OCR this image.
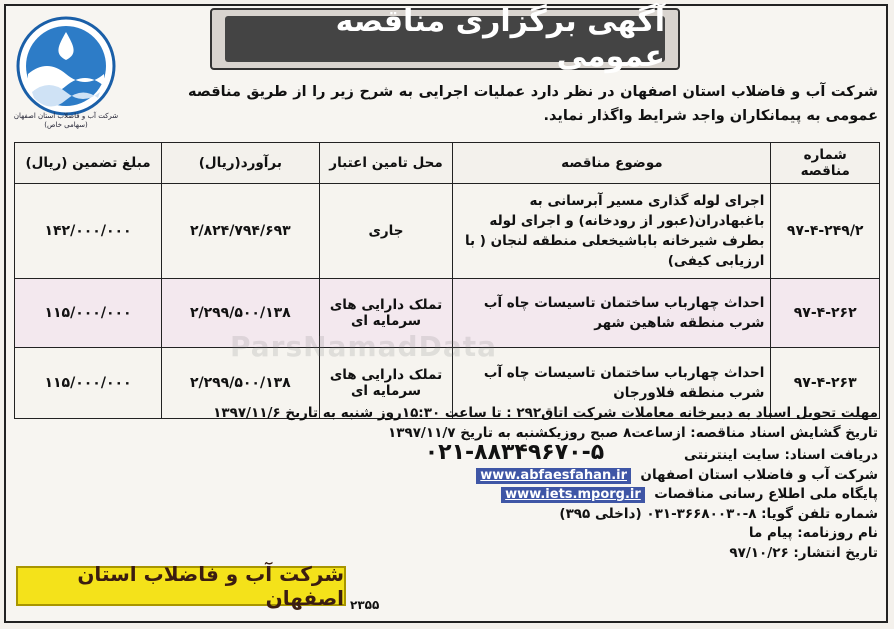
شرکت آب و فاضلاب استان اصفهان (سهامی خاص)
آگهی برگزاری مناقصه عمومی
شرکت آب و فاضلاب استان اصفهان در نظر دارد عملیات اجرایی به شرح زیر را از طریق مناقصه عمومی به پیمانکاران واجد شرایط واگذار نماید.
شماره مناقصه	موضوع مناقصه	محل تامین اعتبار	برآورد(ریال)	مبلغ تضمین (ریال)
۹۷-۴-۲۴۹/۲	اجرای لوله گذاری مسیر آبرسانی به باغبهادران(عبور از رودخانه) و اجرای لوله بطرف شیرخانه باباشیخعلی منطقه لنجان ( با ارزیابی کیفی)	جاری	۲/۸۲۴/۷۹۴/۶۹۳	۱۴۲/۰۰۰/۰۰۰
۹۷-۴-۲۶۲	احداث چهارباب ساختمان تاسیسات چاه آب شرب منطقه شاهین شهر	تملک دارایی های سرمایه ای	۲/۲۹۹/۵۰۰/۱۳۸	۱۱۵/۰۰۰/۰۰۰
۹۷-۴-۲۶۳	احداث چهارباب ساختمان تاسیسات چاه آب شرب منطقه فلاورجان	تملک دارایی های سرمایه ای	۲/۲۹۹/۵۰۰/۱۳۸	۱۱۵/۰۰۰/۰۰۰
ParsNamadData
مهلت تحویل اسناد به دبیرخانه معاملات شرکت اتاق۲۹۲ : تا ساعت ۱۵:۳۰روز شنبه به تاریخ ۱۳۹۷/۱۱/۶
تاریخ گشایش اسناد مناقصه: ازساعت۸ صبح روزیکشنبه به تاریخ ۱۳۹۷/۱۱/۷
دریافت اسناد: سایت اینترنتی                 ۰۲۱-۸۸۳۴۹۶۷۰-۵
شرکت آب و فاضلاب استان اصفهان  www.abfaesfahan.ir
پایگاه ملی اطلاع رسانی مناقصات  www.iets.mporg.ir
شماره تلفن گویا: ۸-۳۶۶۸۰۰۳۰-۰۳۱ (داخلی ۳۹۵)
نام روزنامه: پیام ما
تاریخ انتشار: ۹۷/۱۰/۲۶
شرکت آب و فاضلاب استان اصفهان ۲۳۵۵
